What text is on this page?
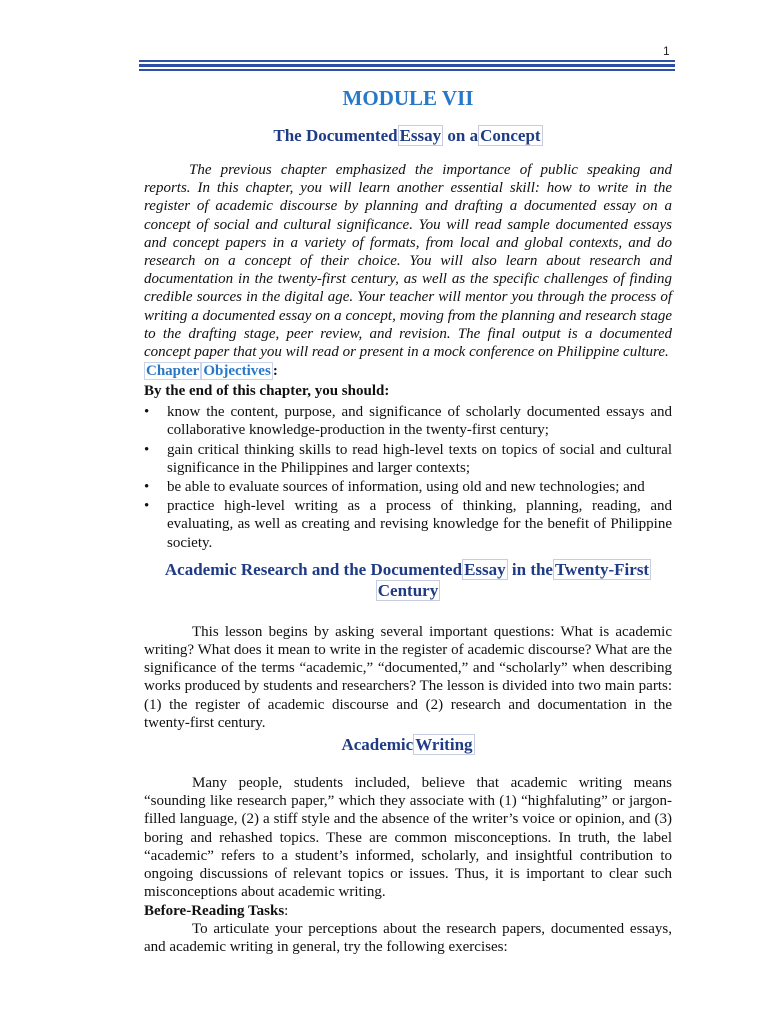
1
MODULE VII
The Documented Essay on a Concept

The previous chapter emphasized the importance of public speaking and reports. In this chapter, you will learn another essential skill: how to write in the register of academic discourse by planning and drafting a documented essay on a concept of social and cultural significance. You will read sample documented essays and concept papers in a variety of formats, from local and global contexts, and do research on a concept of their choice. You will also learn about research and documentation in the twenty-first century, as well as the specific challenges of finding credible sources in the digital age. Your teacher will mentor you through the process of writing a documented essay on a concept, moving from the planning and research stage to the drafting stage, peer review, and revision. The final output is a documented concept paper that you will read or present in a mock conference on Philippine culture.

Chapter Objectives :
By the end of this chapter, you should:
• know the content, purpose, and significance of scholarly documented essays and collaborative knowledge-production in the twenty-first century;
• gain critical thinking skills to read high-level texts on topics of social and cultural significance in the Philippines and larger contexts;
• be able to evaluate sources of information, using old and new technologies; and
• practice high-level writing as a process of thinking, planning, reading, and evaluating, as well as creating and revising knowledge for the benefit of Philippine society.
Academic Research and the Documented Essay in the Twenty-First
Century

This lesson begins by asking several important questions: What is academic writing? What does it mean to write in the register of academic discourse? What are the significance of the terms “academic,” “documented,” and “scholarly” when describing works produced by students and researchers? The lesson is divided into two main parts: (1) the register of academic discourse and (2) research and documentation in the twenty-first century.

Academic Writing

Many people, students included, believe that academic writing means “sounding like research paper,” which they associate with (1) “highfaluting” or jargon-filled language, (2) a stiff style and the absence of the writer’s voice or opinion, and (3) boring and rehashed topics. These are common misconceptions. In truth, the label “academic” refers to a student’s informed, scholarly, and insightful contribution to ongoing discussions of relevant topics or issues. Thus, it is important to clear such misconceptions about academic writing.

Before-Reading Tasks:

To articulate your perceptions about the research papers, documented essays, and academic writing in general, try the following exercises:
